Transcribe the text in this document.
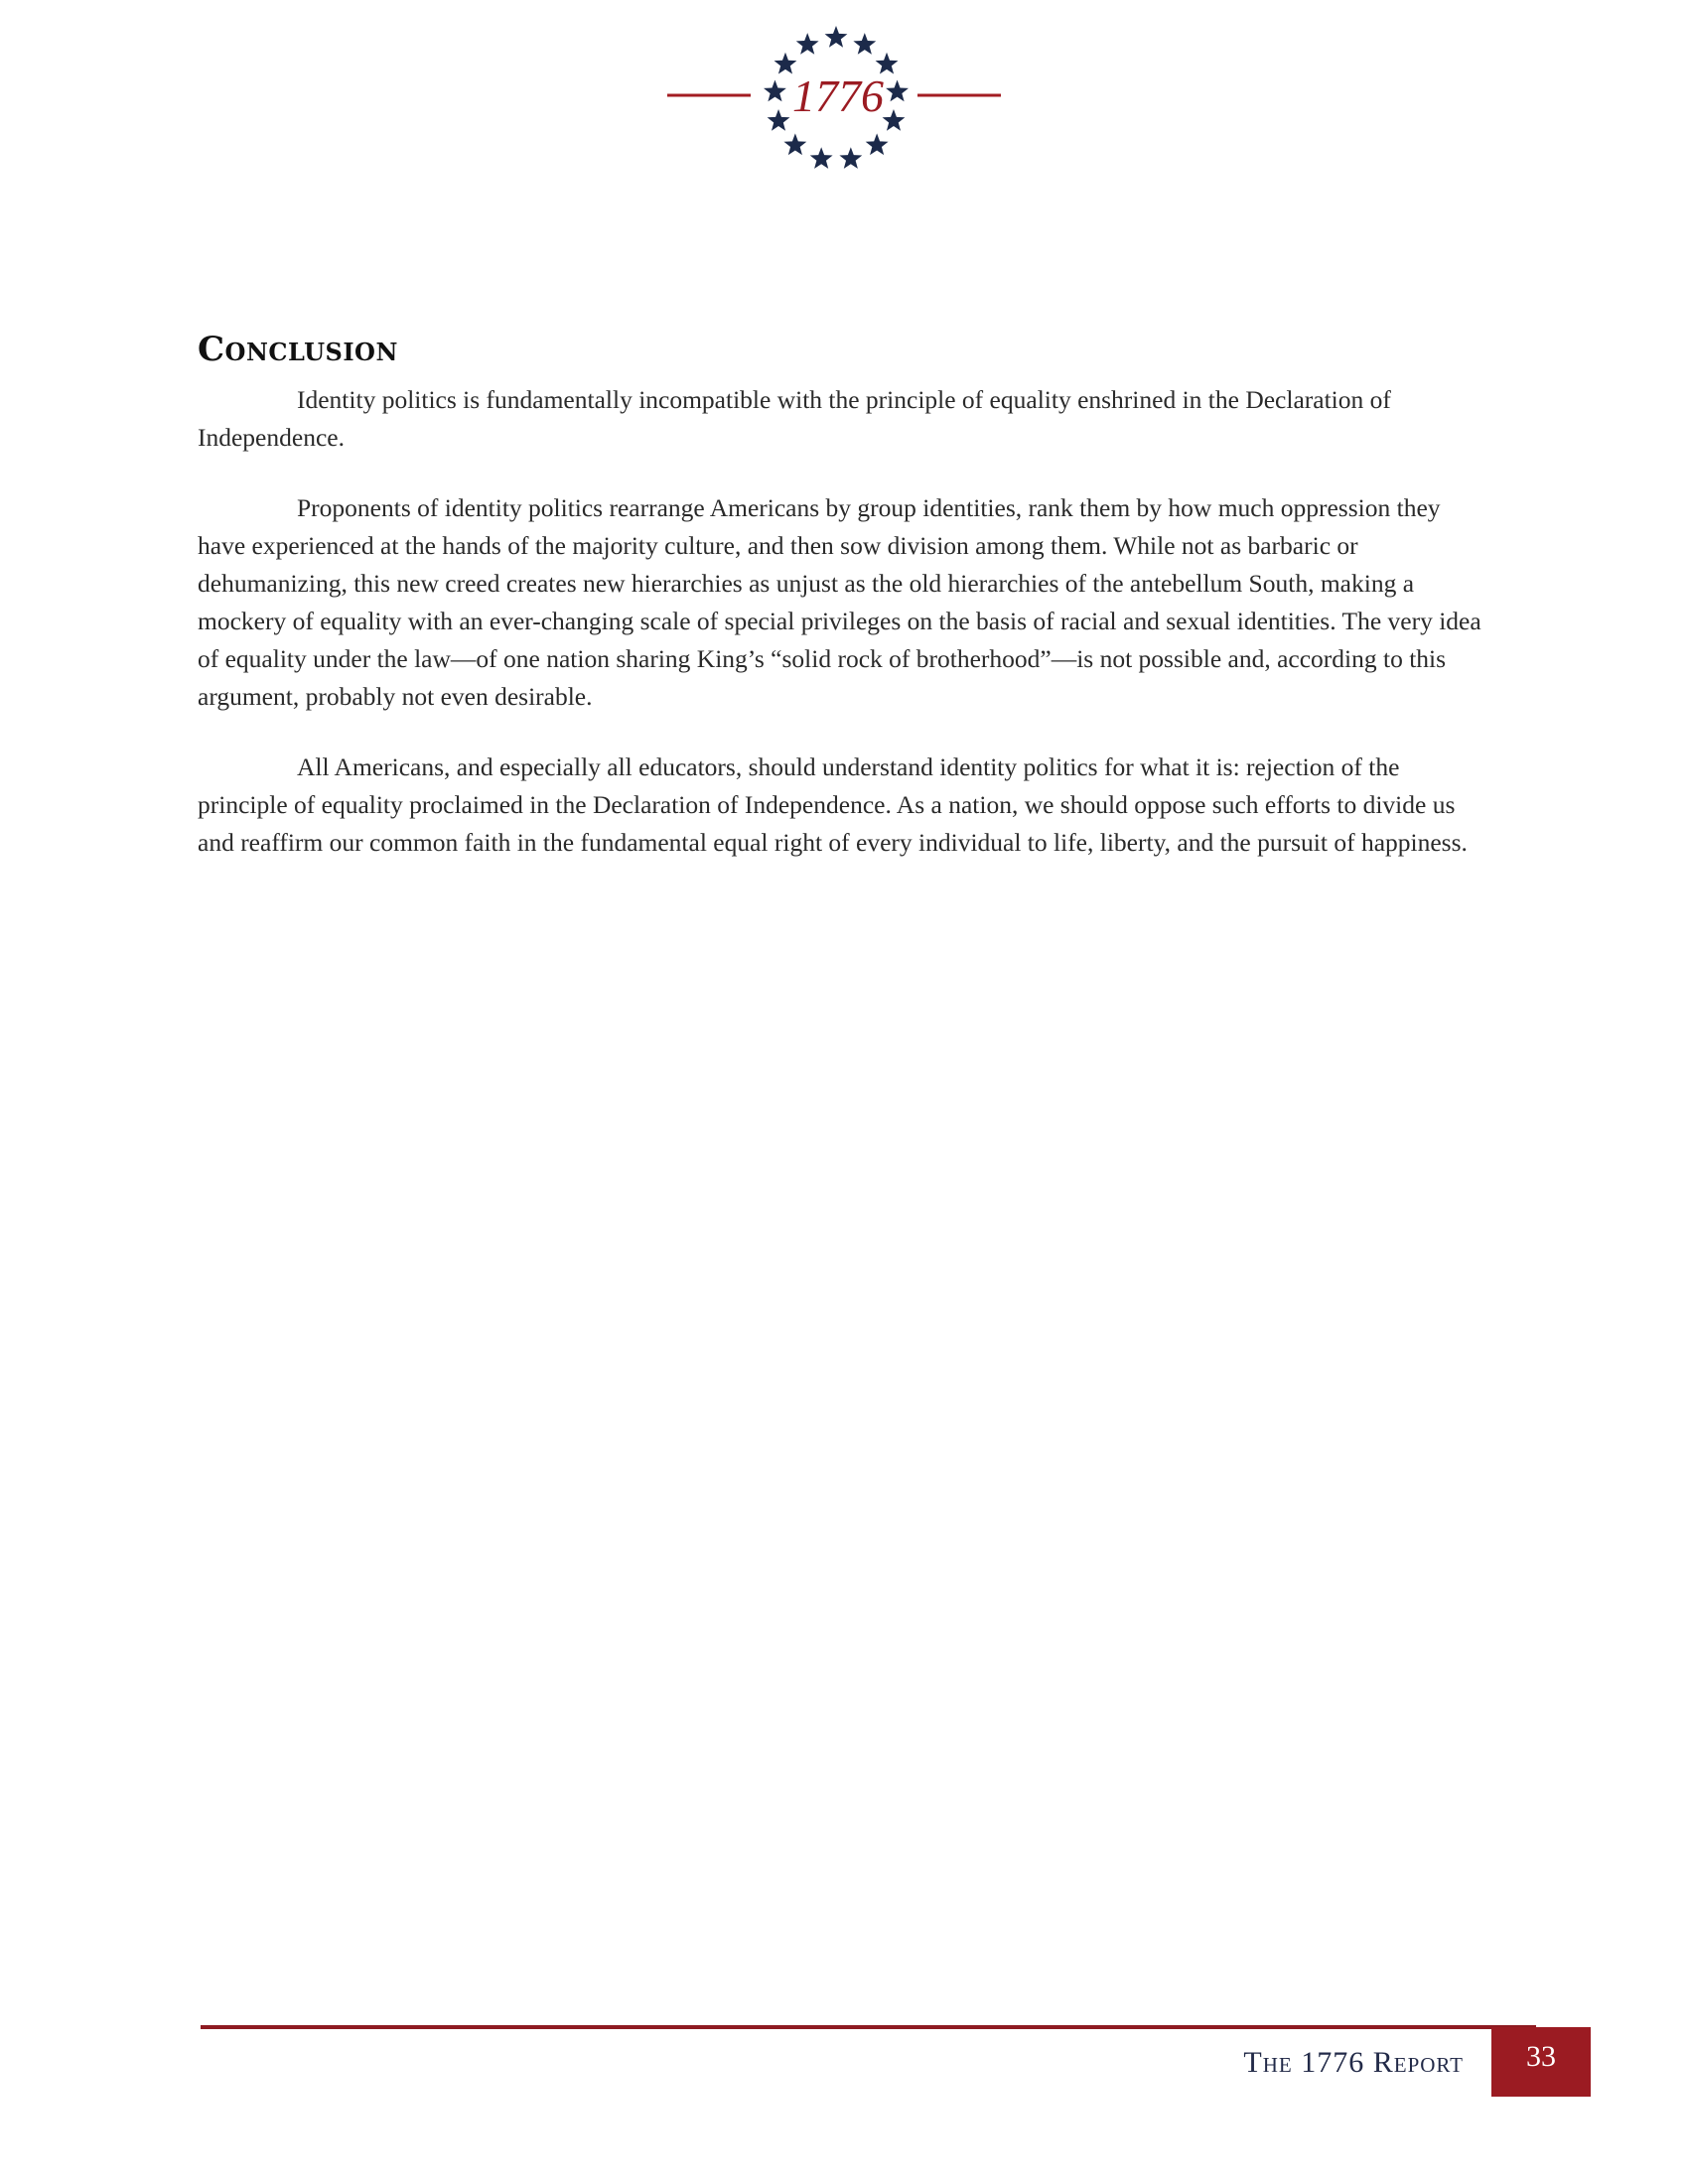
1776
Conclusion

Identity politics is fundamentally incompatible with the principle of equality enshrined in the Declaration of Independence.

Proponents of identity politics rearrange Americans by group identities, rank them by how much oppression they have experienced at the hands of the majority culture, and then sow division among them. While not as barbaric or dehumanizing, this new creed creates new hierarchies as unjust as the old hierarchies of the antebellum South, making a mockery of equality with an ever-changing scale of special privileges on the basis of racial and sexual identities. The very idea of equality under the law—of one nation sharing King’s “solid rock of brotherhood”—is not possible and, according to this argument, probably not even desirable.

All Americans, and especially all educators, should understand identity politics for what it is: rejection of the principle of equality proclaimed in the Declaration of Independence. As a nation, we should oppose such efforts to divide us and reaffirm our common faith in the fundamental equal right of every individual to life, liberty, and the pursuit of happiness.

The 1776 Report	33
